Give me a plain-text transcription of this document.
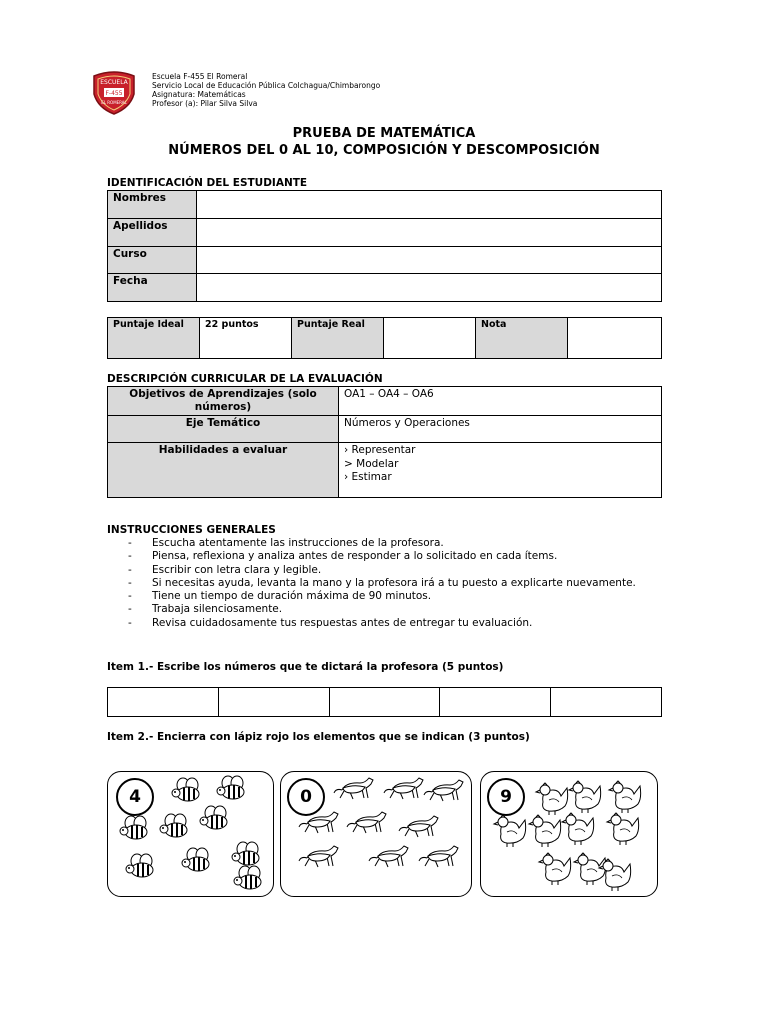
ESCUELA
F-455
EL ROMERAL
Escuela F-455 El Romeral
Servicio Local de Educación Pública Colchagua/Chimbarongo
Asignatura: Matemáticas
Profesor (a): Pilar Silva Silva
PRUEBA DE MATEMÁTICA
NÚMEROS DEL 0 AL 10, COMPOSICIÓN Y DESCOMPOSICIÓN
IDENTIFICACIÓN DEL ESTUDIANTE
Nombres	
Apellidos	
Curso	
Fecha	
Puntaje Ideal	22 puntos	Puntaje Real		Nota	
DESCRIPCIÓN CURRICULAR DE LA EVALUACIÓN
Objetivos de Aprendizajes (solo números)	OA1 – OA4 – OA6
Eje Temático	Números y Operaciones
Habilidades a evaluar	› Representar
> Modelar
› Estimar
INSTRUCCIONES GENERALES
- Escucha atentamente las instrucciones de la profesora.
- Piensa, reflexiona y analiza antes de responder a lo solicitado en cada ítems.
- Escribir con letra clara y legible.
- Si necesitas ayuda, levanta la mano y la profesora irá a tu puesto a explicarte nuevamente.
- Tiene un tiempo de duración máxima de 90 minutos.
- Trabaja silenciosamente.
- Revisa cuidadosamente tus respuestas antes de entregar tu evaluación.
Item 1.- Escribe los números que te dictará la profesora (5 puntos)

Item 2.- Encierra con lápiz rojo los elementos que se indican (3 puntos)
4	0	9
